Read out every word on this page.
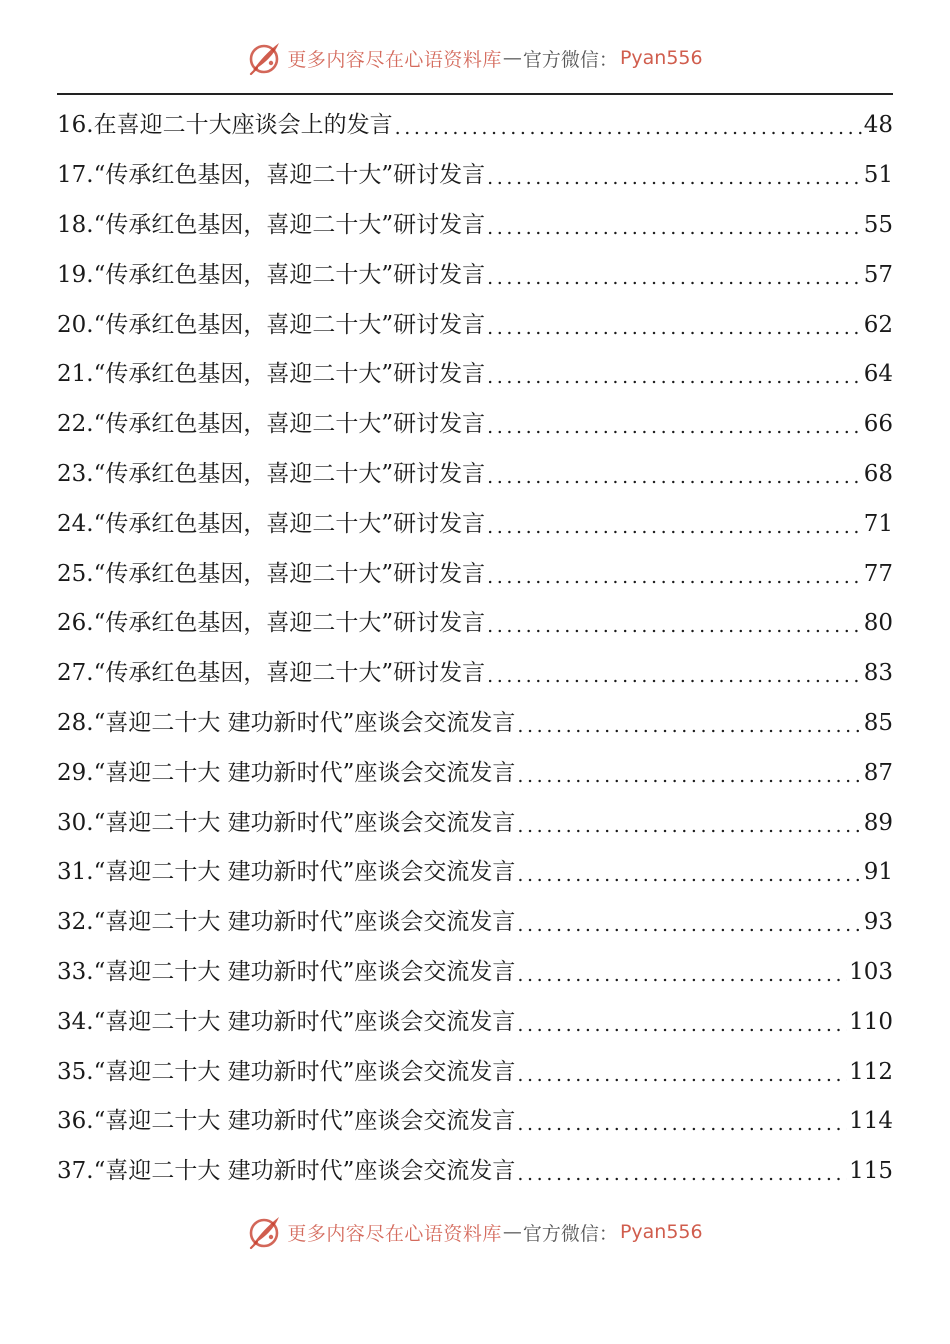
更多内容尽在心语资料库 — 官方微信： Pyan556
16.在喜迎二十大座谈会上的发言 .....	48
17.“传承红色基因，喜迎二十大”研讨发言 .....	51
18.“传承红色基因，喜迎二十大”研讨发言 .....	55
19.“传承红色基因，喜迎二十大”研讨发言 .....	57
20.“传承红色基因，喜迎二十大”研讨发言 .....	62
21.“传承红色基因，喜迎二十大”研讨发言 .....	64
22.“传承红色基因，喜迎二十大”研讨发言 .....	66
23.“传承红色基因，喜迎二十大”研讨发言 .....	68
24.“传承红色基因，喜迎二十大”研讨发言 .....	71
25.“传承红色基因，喜迎二十大”研讨发言 .....	77
26.“传承红色基因，喜迎二十大”研讨发言 .....	80
27.“传承红色基因，喜迎二十大”研讨发言 .....	83
28.“喜迎二十大 建功新时代”座谈会交流发言 .....	85
29.“喜迎二十大 建功新时代”座谈会交流发言 .....	87
30.“喜迎二十大 建功新时代”座谈会交流发言 .....	89
31.“喜迎二十大 建功新时代”座谈会交流发言 .....	91
32.“喜迎二十大 建功新时代”座谈会交流发言 .....	93
33.“喜迎二十大 建功新时代”座谈会交流发言 .....	103
34.“喜迎二十大 建功新时代”座谈会交流发言 .....	110
35.“喜迎二十大 建功新时代”座谈会交流发言 .....	112
36.“喜迎二十大 建功新时代”座谈会交流发言 .....	114
37.“喜迎二十大 建功新时代”座谈会交流发言 .....	115
更多内容尽在心语资料库 — 官方微信： Pyan556
